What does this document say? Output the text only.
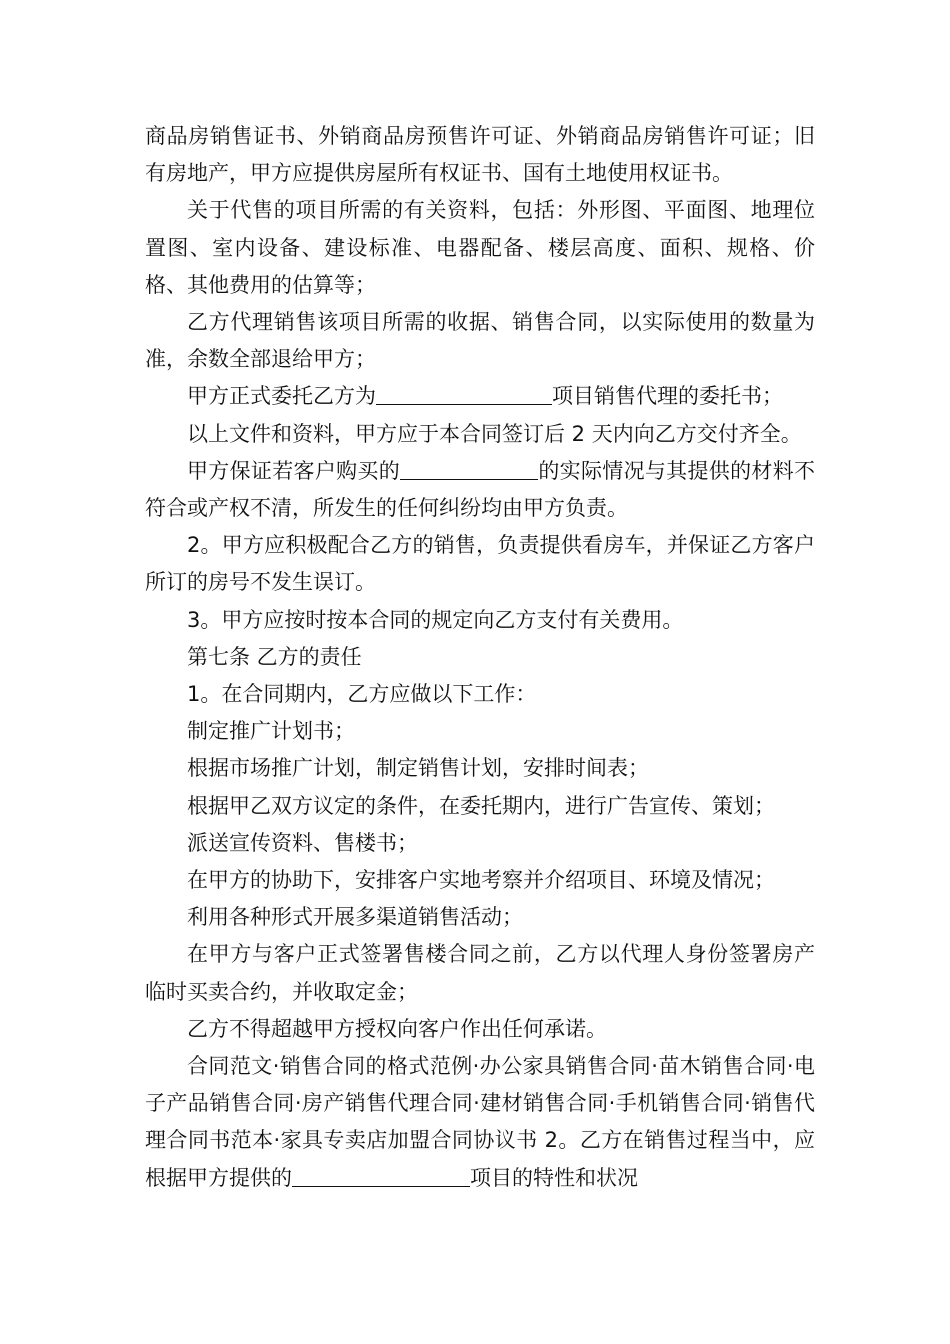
商品房销售证书、外销商品房预售许可证、外销商品房销售许可证；旧有房地产，甲方应提供房屋所有权证书、国有土地使用权证书。

关于代售的项目所需的有关资料，包括：外形图、平面图、地理位置图、室内设备、建设标准、电器配备、楼层高度、面积、规格、价格、其他费用的估算等；

乙方代理销售该项目所需的收据、销售合同，以实际使用的数量为准，余数全部退给甲方；

甲方正式委托乙方为	项目销售代理的委托书；

以上文件和资料，甲方应于本合同签订后 2 天内向乙方交付齐全。

甲方保证若客户购买的	的实际情况与其提供的材料不符合或产权不清，所发生的任何纠纷均由甲方负责。

2。甲方应积极配合乙方的销售，负责提供看房车，并保证乙方客户所订的房号不发生误订。

3。甲方应按时按本合同的规定向乙方支付有关费用。

第七条 乙方的责任

1。在合同期内，乙方应做以下工作：

制定推广计划书；

根据市场推广计划，制定销售计划，安排时间表；

根据甲乙双方议定的条件，在委托期内，进行广告宣传、策划；

派送宣传资料、售楼书；

在甲方的协助下，安排客户实地考察并介绍项目、环境及情况；

利用各种形式开展多渠道销售活动；

在甲方与客户正式签署售楼合同之前，乙方以代理人身份签署房产临时买卖合约，并收取定金；

乙方不得超越甲方授权向客户作出任何承诺。

合同范文·销售合同的格式范例·办公家具销售合同·苗木销售合同·电子产品销售合同·房产销售代理合同·建材销售合同·手机销售合同·销售代理合同书范本·家具专卖店加盟合同协议书 2。乙方在销售过程当中，应根据甲方提供的	项目的特性和状况
